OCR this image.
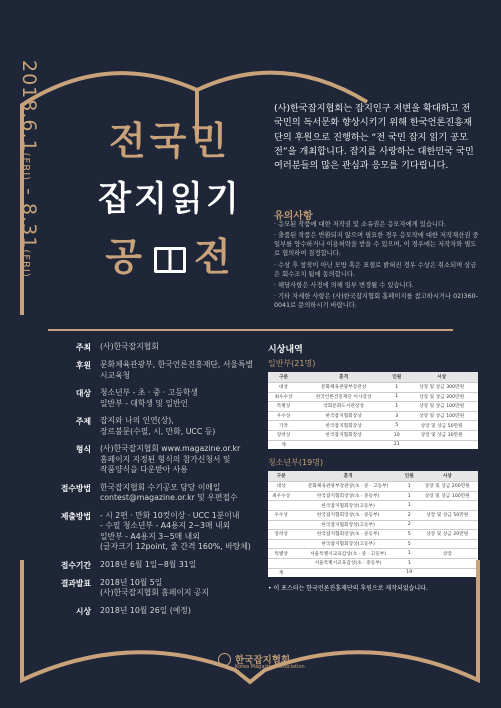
2018.6.1(FRI) - 8.31(FRI)
전국민
잡지읽기
공 전

(사)한국잡지협회는 잡지인구 저변을 확대하고 전 국민의 독서문화 향상시키기 위해 한국언론진흥재단의 후원으로 진행하는 “전 국민 잡지 읽기 공모전”을 개최합니다. 잡지를 사랑하는 대한민국 국민 여러분들의 많은 관심과 응모를 기다립니다.

유의사항
· 응모된 작품에 대한 저작권 및 소유권은 응모자에게 있습니다.
· 출품된 작품은 반환되지 않으며 필요한 경우 응모작에 대한 저작재산권 중 일부를 양수하거나 이용허락을 받을 수 있으며, 이 경우에는 저작자와 별도로 협의하여 결정합니다.
· 수상 후 창작이 아닌 모방 혹은 표절로 밝혀진 경우 수상은 취소되며 상금은 회수조치 됨에 동의합니다.
· 해당사항은 사정에 의해 일부 변경될 수 있습니다.
· 기타 자세한 사항은 (사)한국잡지협회 홈페이지를 참고하시거나 02)360-0041로 문의하시기 바랍니다.
주최	(사)한국잡지협회
후원	문화체육관광부, 한국언론진흥재단, 서울특별시교육청
대상	청소년부 - 초 · 중 · 고등학생
일반부 - 대학생 및 일반인
주제	잡지와 나의 인연(상),
장르불문(수필, 시, 만화, UCC 등)
형식	(사)한국잡지협회 www.magazine.or.kr
홈페이지 지정된 형식의 참가신청서 및
작품양식을 다운받아 사용
접수방법	한국잡지협회 수기공모 담당 이메일
contest@magazine.or.kr 및 우편접수
제출방법	- 시 2편 · 만화 10컷이상 · UCC 1분이내
- 수필 청소년부 - A4용지 2~3매 내외
일반부 - A4용지 3~5매 내외
(글자크기 12point, 줄 간격 160%, 바탕체)
접수기간	2018년 6월 1일~8월 31일
결과발표	2018년 10월 5일
(사)한국잡지협회 홈페이지 공지
시상	2018년 10월 26일 (예정)
시상내역
일반부(21명)
구분	훈격	인원	시상
대상	문화체육관광부장관상	1	상장 및 상금 300만원
최우수상	한국언론진흥재단 이사장상	1	상장 및 상금 200만원
특별상	국회문화도서관장상	1	상장 및 상금 100만원
우수상	한국잡지협회장상	3	상장 및 상금 100만원
가작	한국잡지협회장상	5	상장 및 상금 50만원
장려상	한국잡지협회장상	10	상장 및 상금 30만원
계		21	
청소년부(19명)
구분	훈격	인원	시상
대상	문화체육관광부장관상(초 · 중 · 고등부)	1	상장 및 상금 200만원
최우수상	한국잡지협회장상(초 · 중등부)	1	상장 및 상금 100만원
	한국잡지협회장상(고등부)	1	
우수상	한국잡지협회장상(초 · 중등부)	2	상장 및 상금 50만원
	한국잡지협회장상(고등부)	2	
장려상	한국잡지협회장상(초 · 중등부)	5	상장 및 상금 20만원
	한국잡지협회장상(고등부)	5	
특별상	서울특별시교육감상(초 · 중 · 고등부)	1	상장
	서울특별시교육감상(초 · 중등부)	1	
계		19	
• 이 포스터는 한국언론진흥재단의 후원으로 제작되었습니다.
한국잡지협회
Korea Magazine Association
